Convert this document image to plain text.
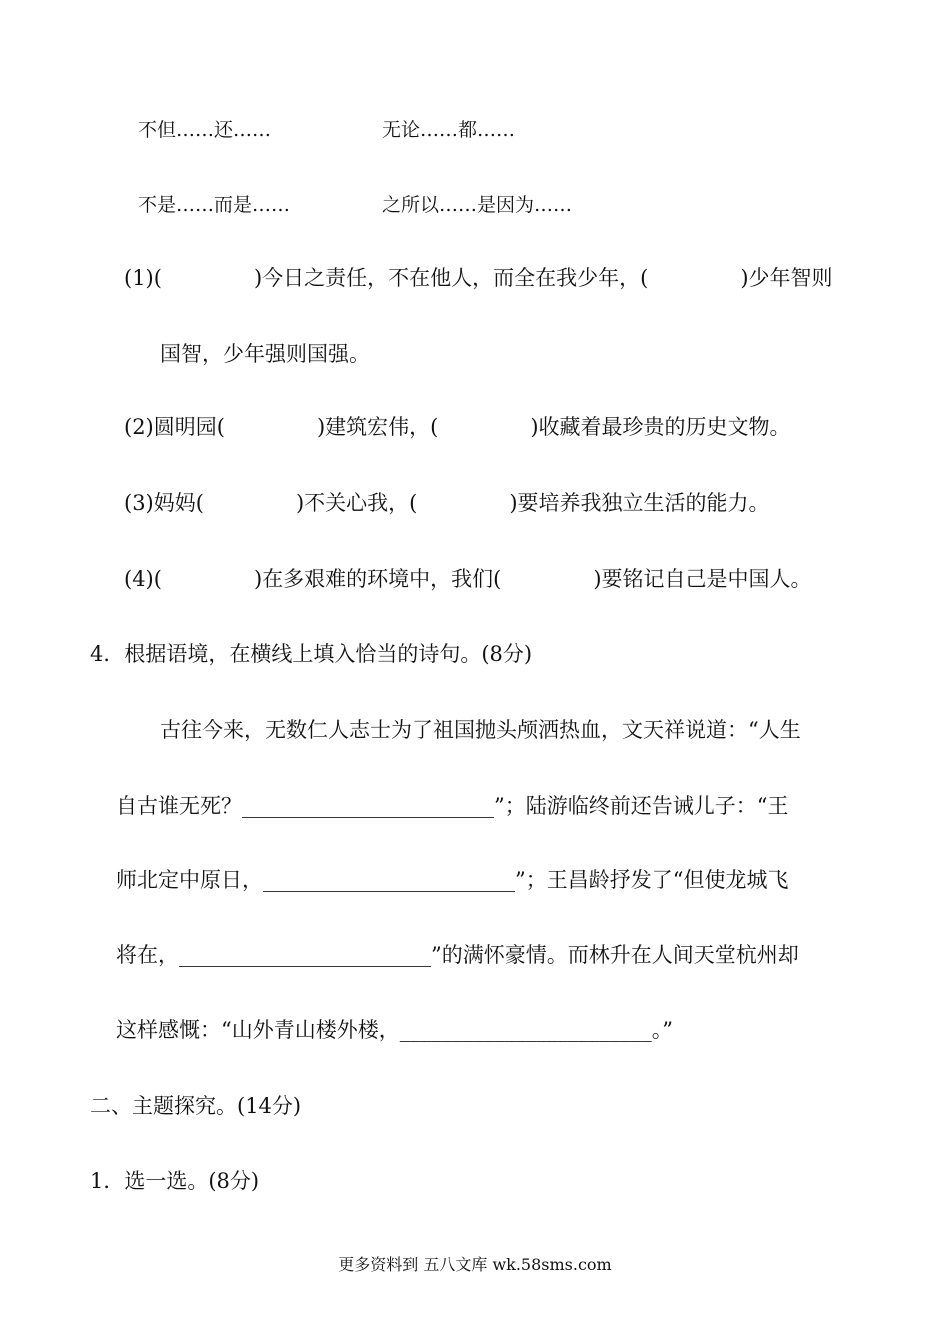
不但……还……	无论……都……
不是……而是……	之所以……是因为……
(1)(	)今日之责任，不在他人，而全在我少年，(	)少年智则
国智，少年强则国强。
(2)圆明园(	)建筑宏伟，(	)收藏着最珍贵的历史文物。
(3)妈妈(	)不关心我，(	)要培养我独立生活的能力。
(4)(	)在多艰难的环境中，我们(	)要铭记自己是中国人。
4．根据语境，在横线上填入恰当的诗句。(8分)
古往今来，无数仁人志士为了祖国抛头颅洒热血，文天祥说道：“人生
自古谁无死？________________________”；陆游临终前还告诫儿子：“王
师北定中原日，________________________”；王昌龄抒发了“但使龙城飞
将在，________________________”的满怀豪情。而林升在人间天堂杭州却
这样感慨：“山外青山楼外楼，________________________。”
二、主题探究。(14分)
1．选一选。(8分)
更多资料到 五八文库 wk.58sms.com
